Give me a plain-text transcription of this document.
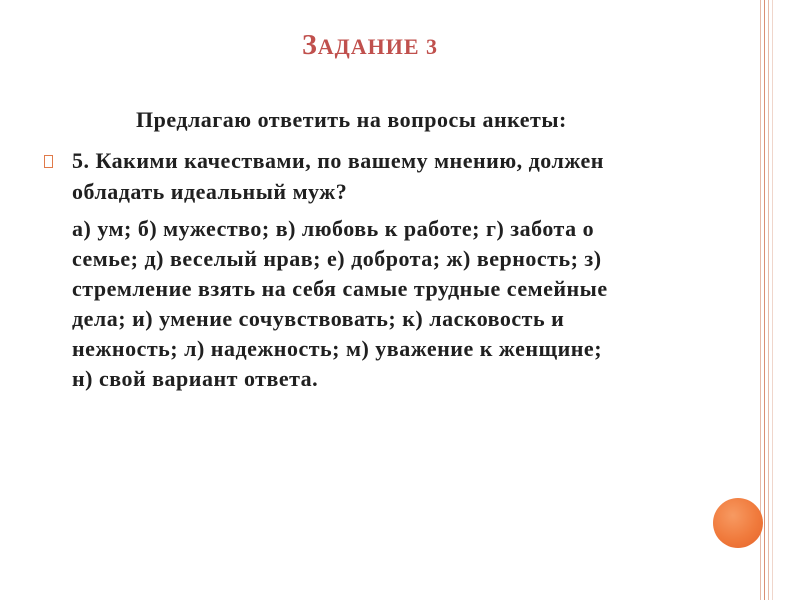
ЗАДАНИЕ 3
Предлагаю ответить на вопросы анкеты:
5. Какими качествами, по вашему мнению, должен
обладать идеальный муж?
а) ум; б) мужество; в) любовь к работе; г) забота о
семье; д) веселый нрав; е) доброта; ж) верность; з)
стремление взять на себя самые трудные семейные
дела; и) умение сочувствовать; к) ласковость и
нежность; л) надежность; м) уважение к женщине;
н) свой вариант ответа.
